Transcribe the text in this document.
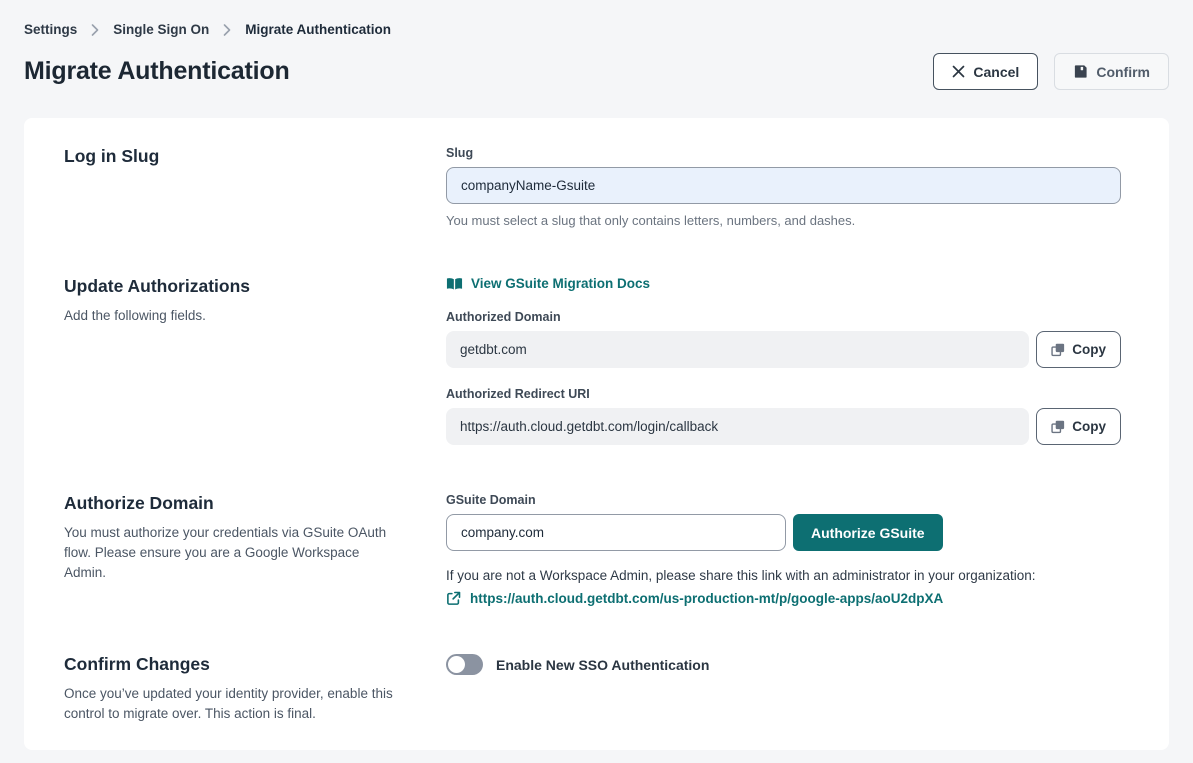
Settings	Single Sign On	Migrate Authentication
Migrate Authentication	Cancel	Confirm
Log in Slug	Slug
companyName-Gsuite
You must select a slug that only contains letters, numbers, and dashes.
Update Authorizations
Add the following fields.
View GSuite Migration Docs
Authorized Domain
getdbt.com
Copy
Authorized Redirect URI
https://auth.cloud.getdbt.com/login/callback
Copy
Authorize Domain
You must authorize your credentials via GSuite OAuth flow. Please ensure you are a Google Workspace Admin.
GSuite Domain
company.com
Authorize GSuite
If you are not a Workspace Admin, please share this link with an administrator in your organization:
https://auth.cloud.getdbt.com/us-production-mt/p/google-apps/aoU2dpXA
Confirm Changes
Once you’ve updated your identity provider, enable this control to migrate over. This action is final.
Enable New SSO Authentication
